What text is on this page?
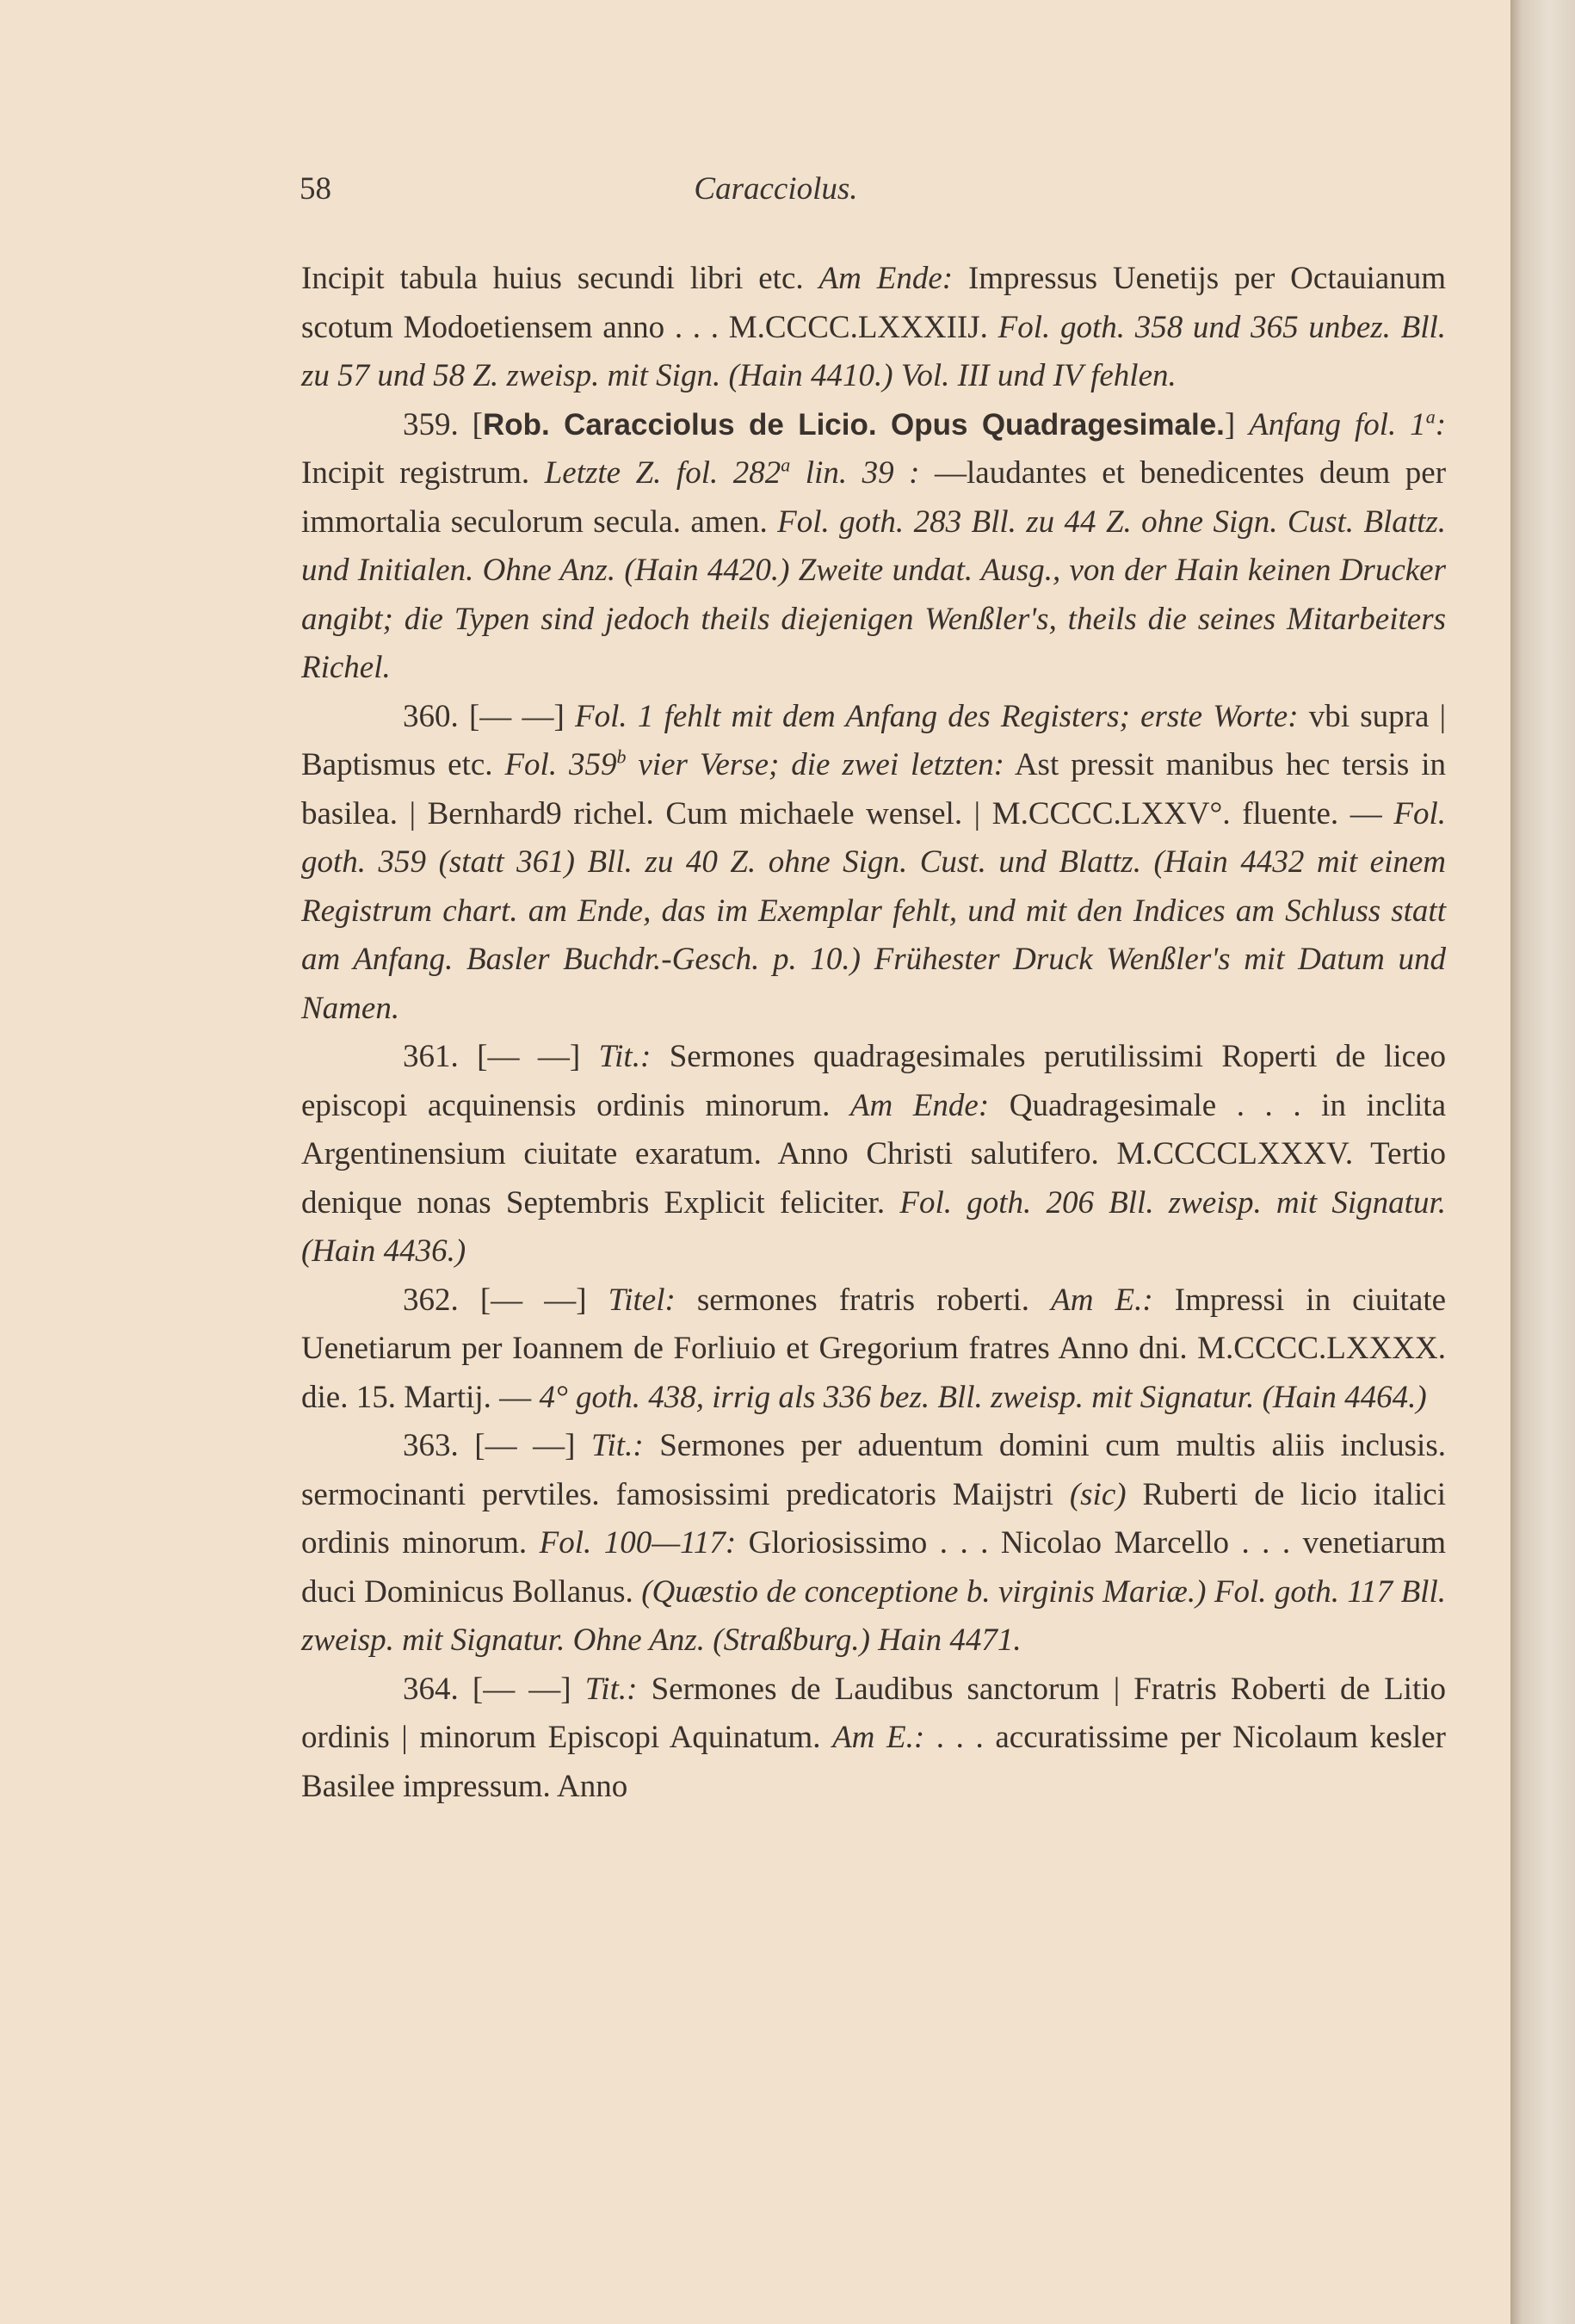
58	Caracciolus.

Incipit tabula huius secundi libri etc. Am Ende: Impressus Uenetijs per Octauianum scotum Modoetiensem anno . . . M.CCCC.LXXXIIJ. Fol. goth. 358 und 365 unbez. Bll. zu 57 und 58 Z. zweisp. mit Sign. (Hain 4410.) Vol. III und IV fehlen.

359. [Rob. Caracciolus de Licio. Opus Quadragesimale.] Anfang fol. 1$^a$: Incipit registrum. Letzte Z. fol. 282$^a$ lin. 39 : —laudantes et benedicentes deum per immortalia seculorum secula. amen. Fol. goth. 283 Bll. zu 44 Z. ohne Sign. Cust. Blattz. und Initialen. Ohne Anz. (Hain 4420.) Zweite undat. Ausg., von der Hain keinen Drucker angibt; die Typen sind jedoch theils diejenigen Wenßler's, theils die seines Mitarbeiters Richel.

360. [— —] Fol. 1 fehlt mit dem Anfang des Registers; erste Worte: vbi supra | Baptismus etc. Fol. 359$^b$ vier Verse; die zwei letzten: Ast pressit manibus hec tersis in basilea. | Bernhard9 richel. Cum michaele wensel. | M.CCCC.LXXV°. fluente. — Fol. goth. 359 (statt 361) Bll. zu 40 Z. ohne Sign. Cust. und Blattz. (Hain 4432 mit einem Registrum chart. am Ende, das im Exemplar fehlt, und mit den Indices am Schluss statt am Anfang. Basler Buchdr.-Gesch. p. 10.) Frühester Druck Wenßler's mit Datum und Namen.

361. [— —] Tit.: Sermones quadragesimales perutilissimi Roperti de liceo episcopi acquinensis ordinis minorum. Am Ende: Quadragesimale . . . in inclita Argentinensium ciuitate exaratum. Anno Christi salutifero. M.CCCCLXXXV. Tertio denique nonas Septembris Explicit feliciter. Fol. goth. 206 Bll. zweisp. mit Signatur. (Hain 4436.)

362. [— —] Titel: sermones fratris roberti. Am E.: Impressi in ciuitate Uenetiarum per Ioannem de Forliuio et Gregorium fratres Anno dni. M.CCCC.LXXXX. die. 15. Martij. — 4° goth. 438, irrig als 336 bez. Bll. zweisp. mit Signatur. (Hain 4464.)

363. [— —] Tit.: Sermones per aduentum domini cum multis aliis inclusis. sermocinanti pervtiles. famosissimi predicatoris Maijstri (sic) Ruberti de licio italici ordinis minorum. Fol. 100—117: Gloriosissimo . . . Nicolao Marcello . . . venetiarum duci Dominicus Bollanus. (Quæstio de conceptione b. virginis Mariæ.) Fol. goth. 117 Bll. zweisp. mit Signatur. Ohne Anz. (Straßburg.) Hain 4471.

364. [— —] Tit.: Sermones de Laudibus sanctorum | Fratris Roberti de Litio ordinis | minorum Episcopi Aquinatum. Am E.: . . . accuratissime per Nicolaum kesler Basilee impressum. Anno
